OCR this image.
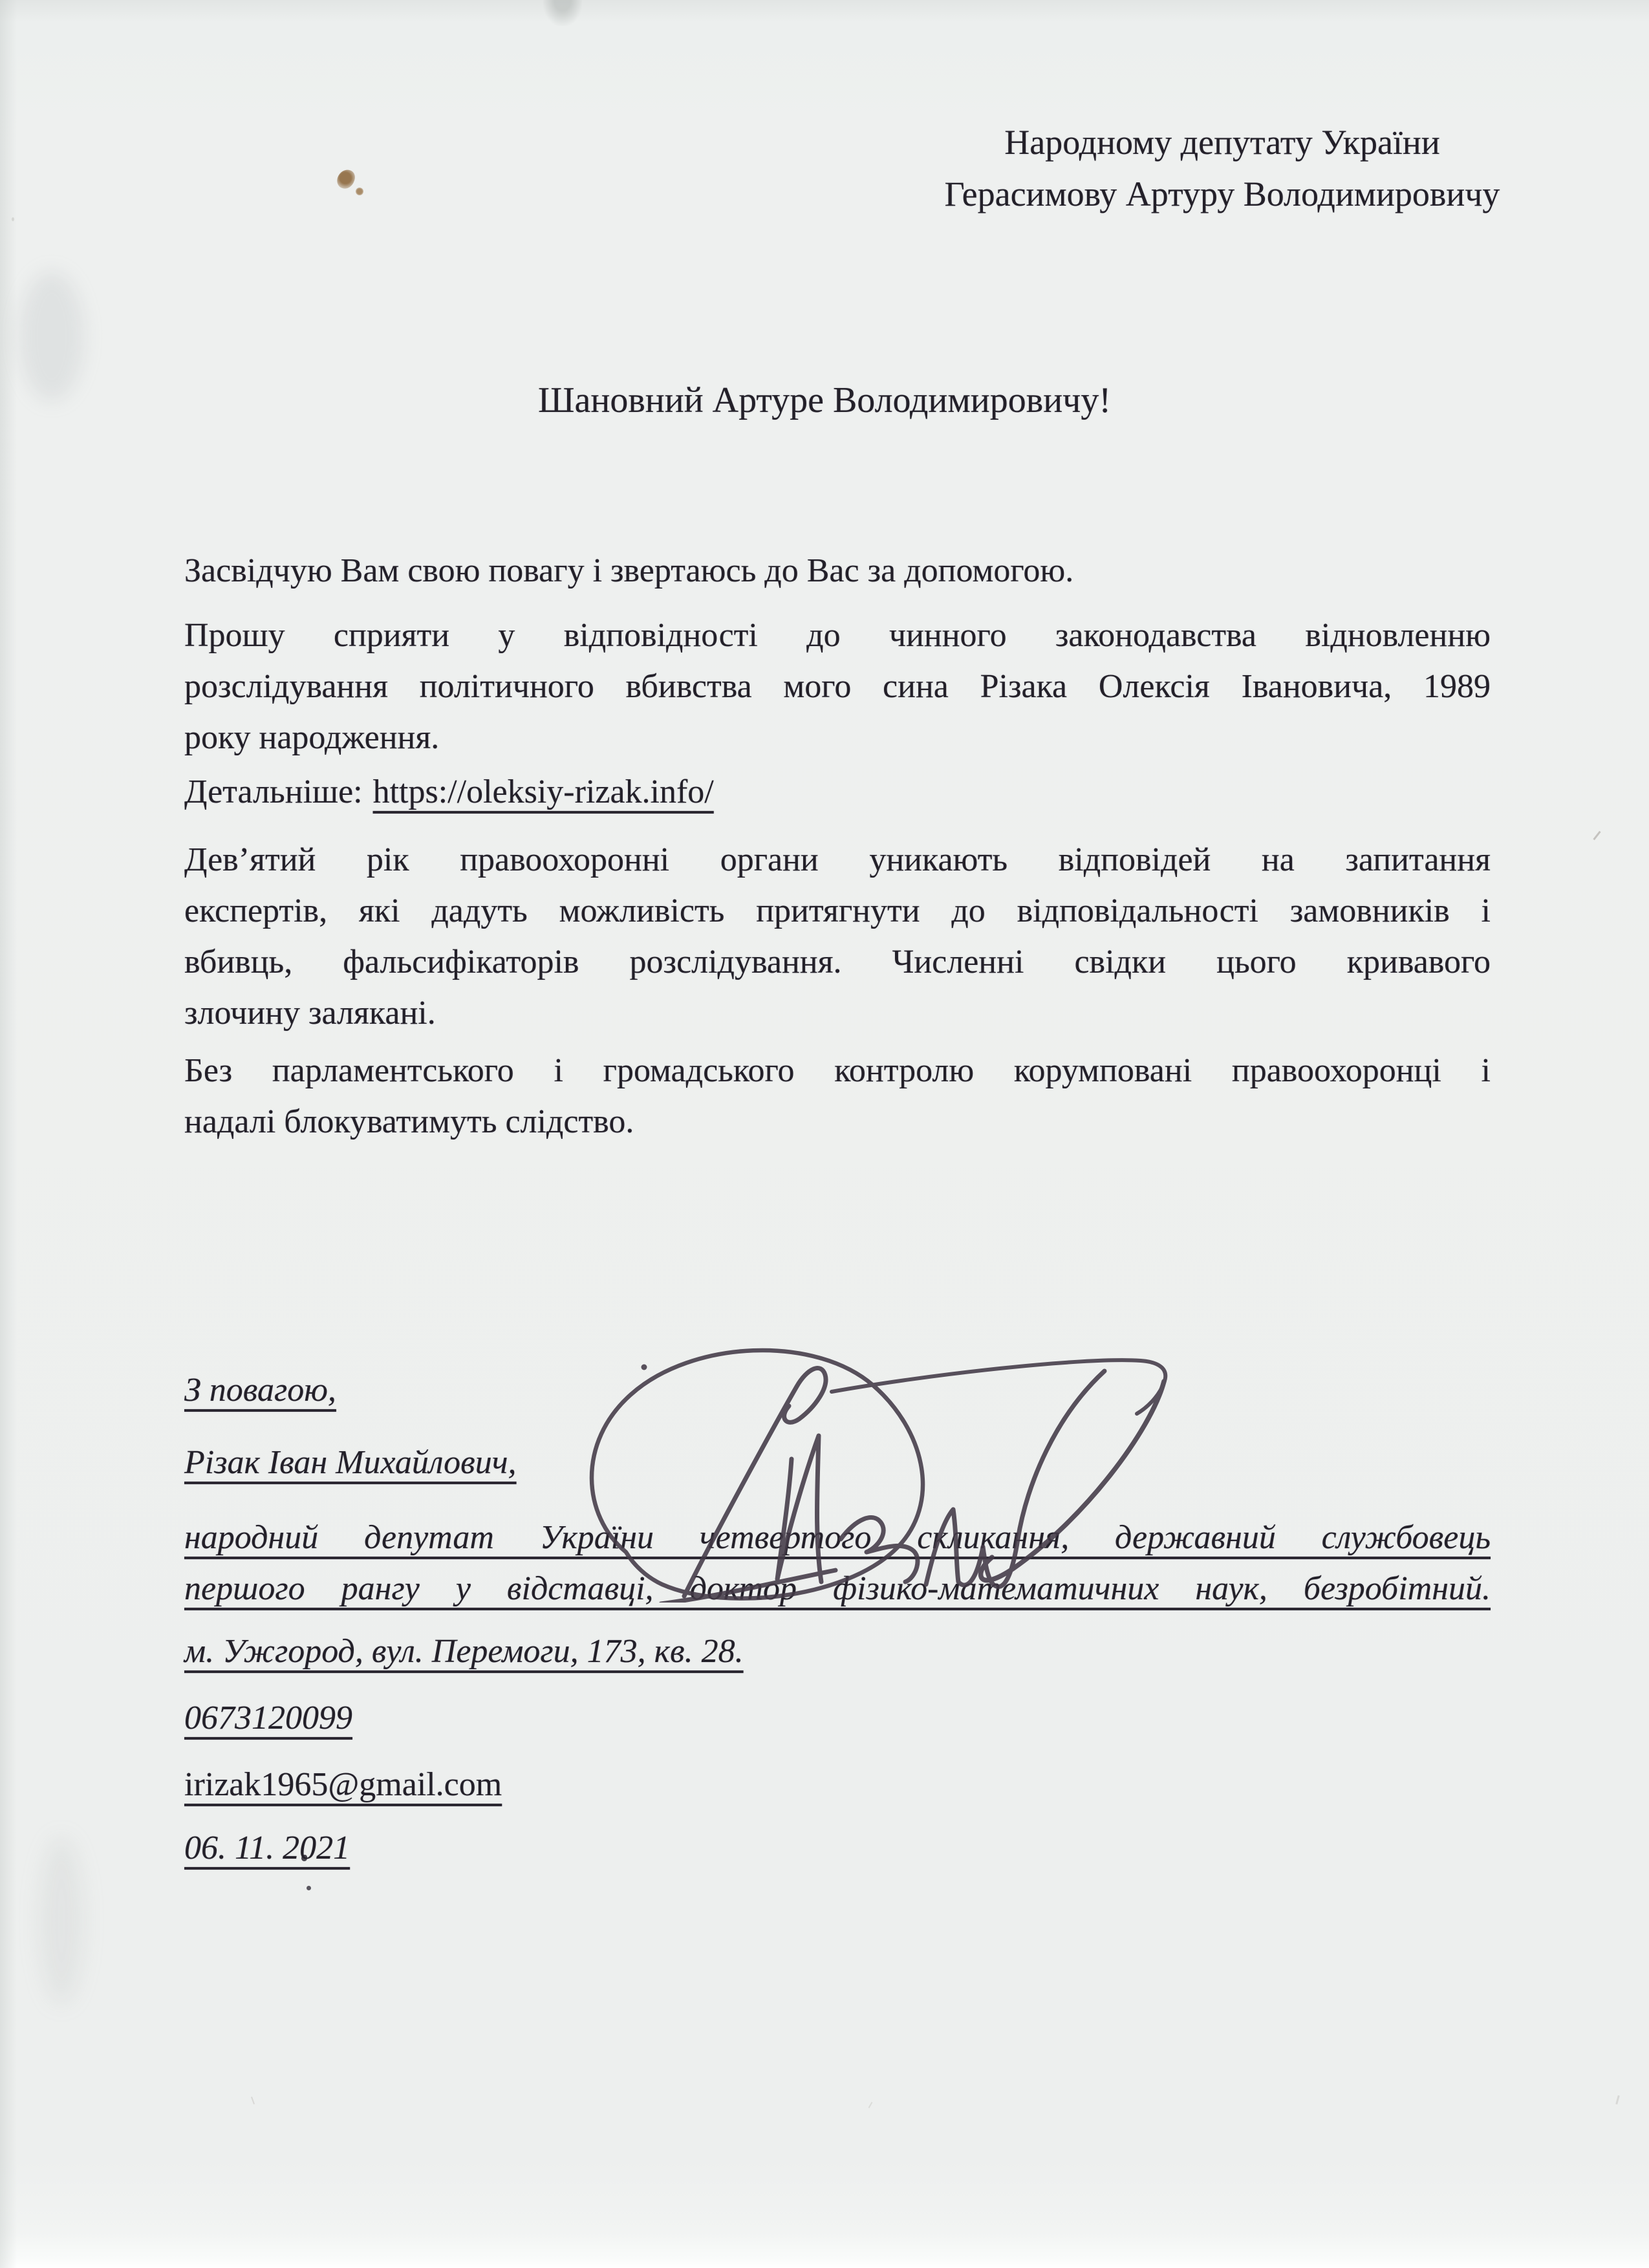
Народному депутату України
Герасимову Артуру Володимировичу
Шановний Артуре Володимировичу!
Засвідчую Вам свою повагу і звертаюсь до Вас за допомогою.
Прошу сприяти у відповідності до чинного законодавства відновленню
розслідування політичного вбивства мого сина Різака Олексія Івановича, 1989
року народження.
Детальніше: https://oleksiy-rizak.info/
Дев’ятий рік правоохоронні органи уникають відповідей на запитання
експертів, які дадуть можливість притягнути до відповідальності замовників і
вбивць, фальсифікаторів розслідування. Численні свідки цього кривавого
злочину залякані.
Без парламентського і громадського контролю корумповані правоохоронці і
надалі блокуватимуть слідство.
З повагою,
Різак Іван Михайлович,
народний депутат України четвертого скликання, державний службовець
першого рангу у відставці, доктор фізико-математичних наук, безробітний.
м. Ужгород, вул. Перемоги, 173, кв. 28.
0673120099
irizak1965@gmail.com
06. 11. 2021
